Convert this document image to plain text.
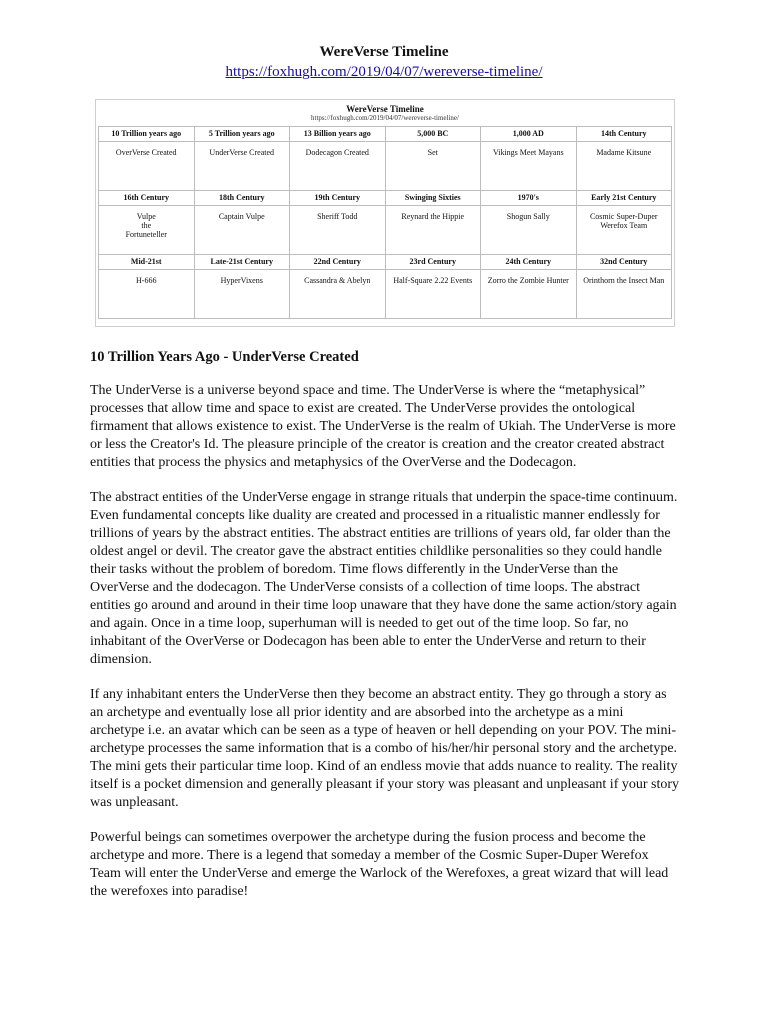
WereVerse Timeline
https://foxhugh.com/2019/04/07/wereverse-timeline/
WereVerse Timeline
https://foxhugh.com/2019/04/07/wereverse-timeline/
10 Trillion years ago	5 Trillion years ago	13 Billion years ago	5,000 BC	1,000 AD	14th Century
OverVerse Created	UnderVerse Created	Dodecagon Created	Set	Vikings Meet Mayans	Madame Kitsune
16th Century	18th Century	19th Century	Swinging Sixties	1970's	Early 21st Century
Vulpe
the
Fortuneteller	Captain Vulpe	Sheriff Todd	Reynard the Hippie	Shogun Sally	Cosmic Super-Duper Werefox Team
Mid-21st	Late-21st Century	22nd Century	23rd Century	24th Century	32nd Century
H-666	HyperVixens	Cassandra & Abelyn	Half-Square 2.22 Events	Zorro the Zombie Hunter	Orinthorn the Insect Man

10 Trillion Years Ago - UnderVerse Created

The UnderVerse is a universe beyond space and time. The UnderVerse is where the “metaphysical” processes that allow time and space to exist are created. The UnderVerse provides the ontological firmament that allows existence to exist. The UnderVerse is the realm of Ukiah. The UnderVerse is more or less the Creator's Id. The pleasure principle of the creator is creation and the creator created abstract entities that process the physics and metaphysics of the OverVerse and the Dodecagon.

The abstract entities of the UnderVerse engage in strange rituals that underpin the space-time continuum. Even fundamental concepts like duality are created and processed in a ritualistic manner endlessly for trillions of years by the abstract entities. The abstract entities are trillions of years old, far older than the oldest angel or devil. The creator gave the abstract entities childlike personalities so they could handle their tasks without the problem of boredom. Time flows differently in the UnderVerse than the OverVerse and the dodecagon. The UnderVerse consists of a collection of time loops. The abstract entities go around and around in their time loop unaware that they have done the same action/story again and again. Once in a time loop, superhuman will is needed to get out of the time loop. So far, no inhabitant of the OverVerse or Dodecagon has been able to enter the UnderVerse and return to their dimension.

If any inhabitant enters the UnderVerse then they become an abstract entity. They go through a story as an archetype and eventually lose all prior identity and are absorbed into the archetype as a mini archetype i.e. an avatar which can be seen as a type of heaven or hell depending on your POV. The mini-archetype processes the same information that is a combo of his/her/hir personal story and the archetype. The mini gets their particular time loop. Kind of an endless movie that adds nuance to reality. The reality itself is a pocket dimension and generally pleasant if your story was pleasant and unpleasant if your story was unpleasant.

Powerful beings can sometimes overpower the archetype during the fusion process and become the archetype and more. There is a legend that someday a member of the Cosmic Super-Duper Werefox Team will enter the UnderVerse and emerge the Warlock of the Werefoxes, a great wizard that will lead the werefoxes into paradise!
